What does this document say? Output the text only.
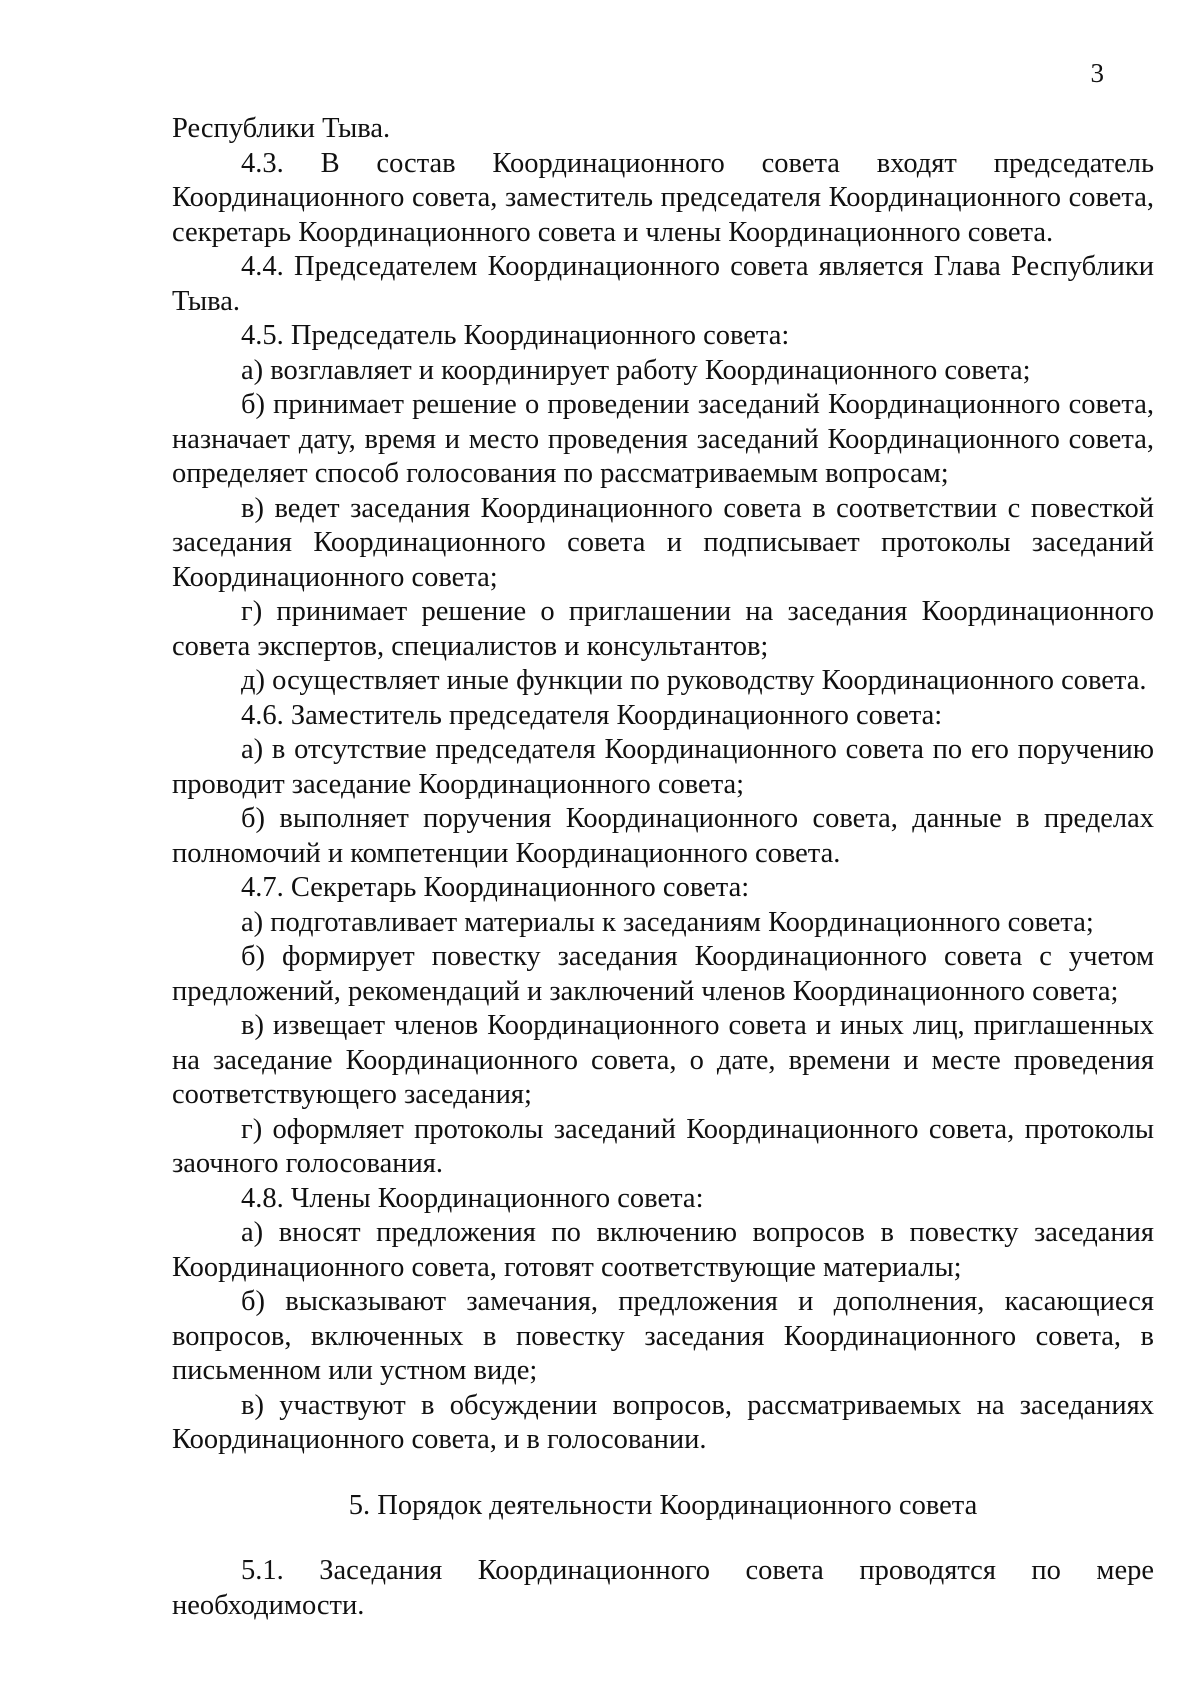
3

Республики Тыва.

4.3. В состав Координационного совета входят председатель Координационного совета, заместитель председателя Координационного совета, секретарь Координационного совета и члены Координационного совета.

4.4. Председателем Координационного совета является Глава Республики Тыва.

4.5. Председатель Координационного совета:

а) возглавляет и координирует работу Координационного совета;

б) принимает решение о проведении заседаний Координационного совета, назначает дату, время и место проведения заседаний Координационного совета, определяет способ голосования по рассматриваемым вопросам;

в) ведет заседания Координационного совета в соответствии с повесткой заседания Координационного совета и подписывает протоколы заседаний Координационного совета;

г) принимает решение о приглашении на заседания Координационного совета экспертов, специалистов и консультантов;

д) осуществляет иные функции по руководству Координационного совета.

4.6. Заместитель председателя Координационного совета:

а) в отсутствие председателя Координационного совета по его поручению проводит заседание Координационного совета;

б) выполняет поручения Координационного совета, данные в пределах полномочий и компетенции Координационного совета.

4.7. Секретарь Координационного совета:

а) подготавливает материалы к заседаниям Координационного совета;

б) формирует повестку заседания Координационного совета с учетом предложений, рекомендаций и заключений членов Координационного совета;

в) извещает членов Координационного совета и иных лиц, приглашенных на заседание Координационного совета, о дате, времени и месте проведения соответствующего заседания;

г) оформляет протоколы заседаний Координационного совета, протоколы заочного голосования.

4.8. Члены Координационного совета:

а) вносят предложения по включению вопросов в повестку заседания Координационного совета, готовят соответствующие материалы;

б) высказывают замечания, предложения и дополнения, касающиеся вопросов, включенных в повестку заседания Координационного совета, в письменном или устном виде;

в) участвуют в обсуждении вопросов, рассматриваемых на заседаниях Координационного совета, и в голосовании.

5. Порядок деятельности Координационного совета

5.1. Заседания Координационного совета проводятся по мере необходимости.
